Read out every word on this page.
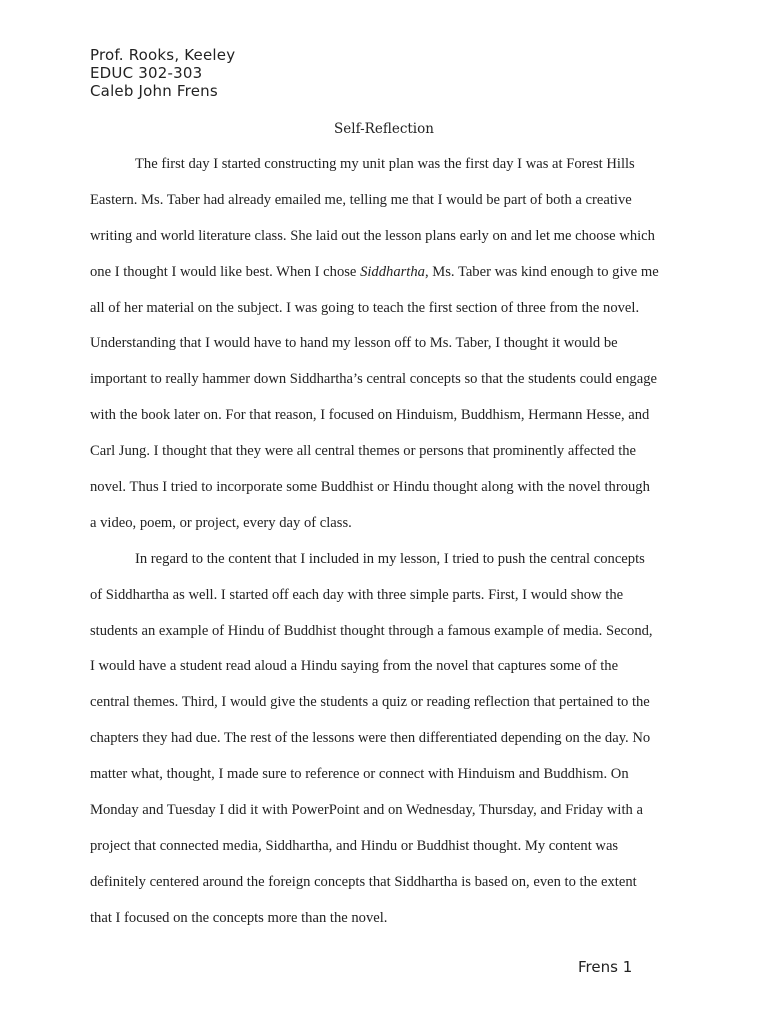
Prof. Rooks, Keeley
EDUC 302-303
Caleb John Frens
Self-Reflection
The first day I started constructing my unit plan was the first day I was at Forest Hills
Eastern. Ms. Taber had already emailed me, telling me that I would be part of both a creative
writing and world literature class. She laid out the lesson plans early on and let me choose which
one I thought I would like best. When I chose Siddhartha, Ms. Taber was kind enough to give me
all of her material on the subject. I was going to teach the first section of three from the novel.
Understanding that I would have to hand my lesson off to Ms. Taber, I thought it would be
important to really hammer down Siddhartha’s central concepts so that the students could engage
with the book later on. For that reason, I focused on Hinduism, Buddhism, Hermann Hesse, and
Carl Jung. I thought that they were all central themes or persons that prominently affected the
novel. Thus I tried to incorporate some Buddhist or Hindu thought along with the novel through
a video, poem, or project, every day of class.
In regard to the content that I included in my lesson, I tried to push the central concepts
of Siddhartha as well. I started off each day with three simple parts. First, I would show the
students an example of Hindu of Buddhist thought through a famous example of media. Second,
I would have a student read aloud a Hindu saying from the novel that captures some of the
central themes. Third, I would give the students a quiz or reading reflection that pertained to the
chapters they had due. The rest of the lessons were then differentiated depending on the day. No
matter what, thought, I made sure to reference or connect with Hinduism and Buddhism. On
Monday and Tuesday I did it with PowerPoint and on Wednesday, Thursday, and Friday with a
project that connected media, Siddhartha, and Hindu or Buddhist thought. My content was
definitely centered around the foreign concepts that Siddhartha is based on, even to the extent
that I focused on the concepts more than the novel.
Frens 1
